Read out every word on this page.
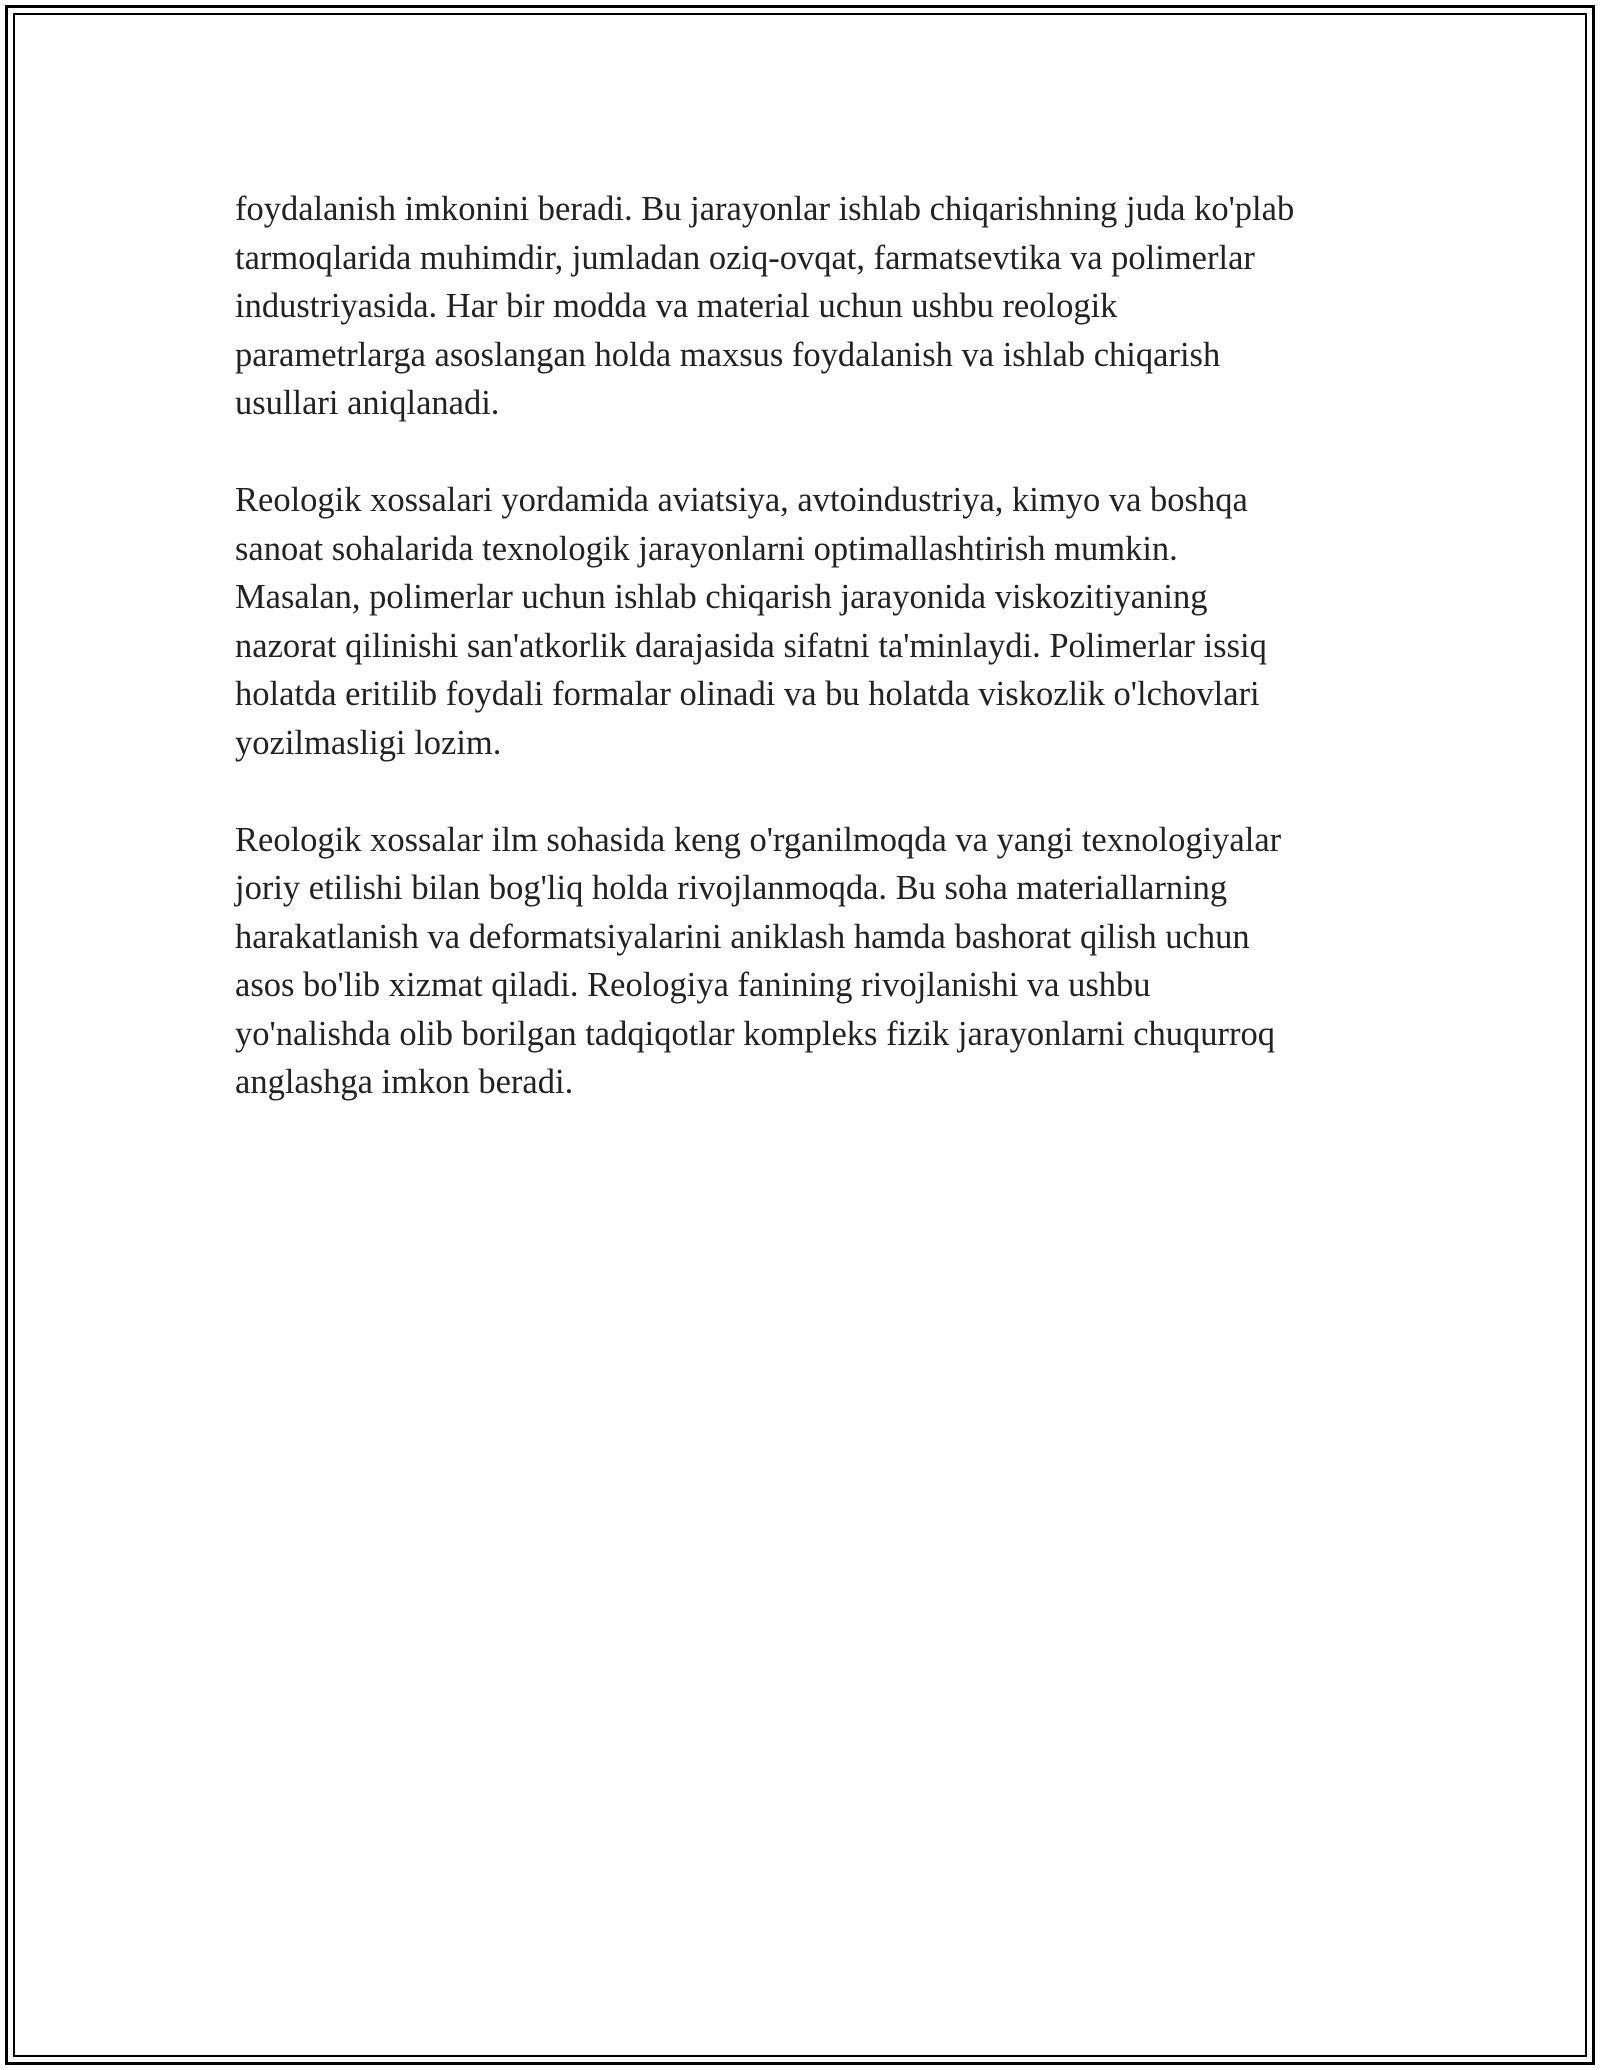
foydalanish imkonini beradi. Bu jarayonlar ishlab chiqarishning juda ko'plab
tarmoqlarida muhimdir, jumladan oziq-ovqat, farmatsevtika va polimerlar
industriyasida. Har bir modda va material uchun ushbu reologik
parametrlarga asoslangan holda maxsus foydalanish va ishlab chiqarish
usullari aniqlanadi.

Reologik xossalari yordamida aviatsiya, avtoindustriya, kimyo va boshqa
sanoat sohalarida texnologik jarayonlarni optimallashtirish mumkin.
Masalan, polimerlar uchun ishlab chiqarish jarayonida viskozitiyaning
nazorat qilinishi san'atkorlik darajasida sifatni ta'minlaydi. Polimerlar issiq
holatda eritilib foydali formalar olinadi va bu holatda viskozlik o'lchovlari
yozilmasligi lozim.

Reologik xossalar ilm sohasida keng o'rganilmoqda va yangi texnologiyalar
joriy etilishi bilan bog'liq holda rivojlanmoqda. Bu soha materiallarning
harakatlanish va deformatsiyalarini aniklash hamda bashorat qilish uchun
asos bo'lib xizmat qiladi. Reologiya fanining rivojlanishi va ushbu
yo'nalishda olib borilgan tadqiqotlar kompleks fizik jarayonlarni chuqurroq
anglashga imkon beradi.
